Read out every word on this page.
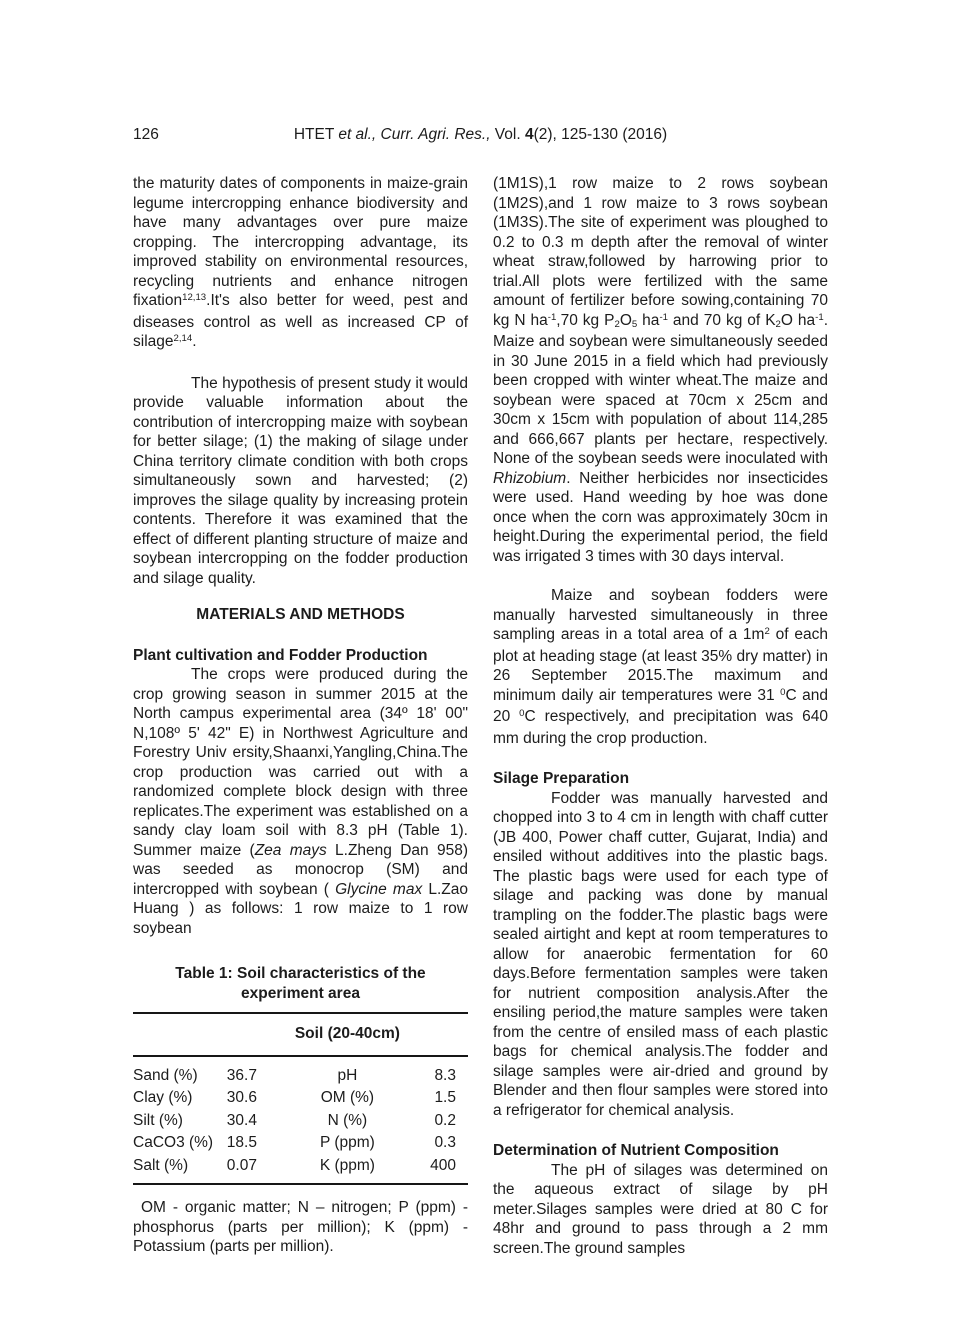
126	HTET et al., Curr. Agri. Res., Vol. 4(2), 125-130 (2016)

the maturity dates of components in maize-grain legume intercropping enhance biodiversity and have many advantages over pure maize cropping. The intercropping advantage, its improved stability on environmental resources, recycling nutrients and enhance nitrogen fixation$^{12,13}$.It's also better for weed, pest and diseases control as well as increased CP of silage$^{2,14}$.

The hypothesis of present study it would provide valuable information about the contribution of intercropping maize with soybean for better silage; (1) the making of silage under China territory climate condition with both crops simultaneously sown and harvested; (2) improves the silage quality by increasing protein contents. Therefore it was examined that the effect of different planting structure of maize and soybean intercropping on the fodder production and silage quality.

MATERIALS AND METHODS
Plant cultivation and Fodder Production

The crops were produced during the crop growing season in summer 2015 at the North campus experimental area (34º 18' 00" N,108º 5' 42" E) in Northwest Agriculture and Forestry Univ ersity,Shaanxi,Yangling,China.The crop production was carried out with a randomized complete block design with three replicates.The experiment was established on a sandy clay loam soil with 8.3 pH (Table 1). Summer maize (Zea mays L.Zheng Dan 958) was seeded as monocrop (SM) and intercropped with soybean ( Glycine max L.Zao Huang ) as follows: 1 row maize to 1 row soybean

Table 1: Soil characteristics of the experiment area
	Soil (20-40cm)		

Sand (%)	36.7	pH	8.3
Clay (%)	30.6	OM (%)	1.5
Silt (%)	30.4	N (%)	0.2
CaCO3 (%)	18.5	P (ppm)	0.3
Salt (%)	0.07	K (ppm)	400

OM - organic matter; N – nitrogen; P (ppm) - phosphorus (parts per million); K (ppm) - Potassium (parts per million).

(1M1S),1 row maize to 2 rows soybean (1M2S),and 1 row maize to 3 rows soybean (1M3S).The site of experiment was ploughed to 0.2 to 0.3 m depth after the removal of winter wheat straw,followed by harrowing prior to trial.All plots were fertilized with the same amount of fertilizer before sowing,containing 70 kg N $ha^{-1},70$ kg P2O5 $ha^{-1}$ and 70 kg of K2O $ha^{-1}$. Maize and soybean were simultaneously seeded in 30 June 2015 in a field which had previously been cropped with winter wheat.The maize and soybean were spaced at 70cm x 25cm and 30cm x 15cm with population of about 114,285 and 666,667 plants per hectare, respectively. None of the soybean seeds were inoculated with Rhizobium. Neither herbicides nor insecticides were used. Hand weeding by hoe was done once when the corn was approximately 30cm in height.During the experimental period, the field was irrigated 3 times with 30 days interval.

Maize and soybean fodders were manually harvested simultaneously in three sampling areas in a total area of a $1m^2$ of each plot at heading stage (at least 35% dry matter) in 26 September 2015.The maximum and minimum daily air temperatures were 31 $^0$C and 20 $^0$C respectively, and precipitation was 640 mm during the crop production.

Silage Preparation

Fodder was manually harvested and chopped into 3 to 4 cm in length with chaff cutter (JB 400, Power chaff cutter, Gujarat, India) and ensiled without additives into the plastic bags. The plastic bags were used for each type of silage and packing was done by manual trampling on the fodder.The plastic bags were sealed airtight and kept at room temperatures to allow for anaerobic fermentation for 60 days.Before fermentation samples were taken for nutrient composition analysis.After the ensiling period,the mature samples were taken from the centre of ensiled mass of each plastic bags for chemical analysis.The fodder and silage samples were air-dried and ground by Blender and then flour samples were stored into a refrigerator for chemical analysis.

Determination of Nutrient Composition

The pH of silages was determined on the aqueous extract of silage by pH meter.Silages samples were dried at 80 C for 48hr and ground to pass through a 2 mm screen.The ground samples
